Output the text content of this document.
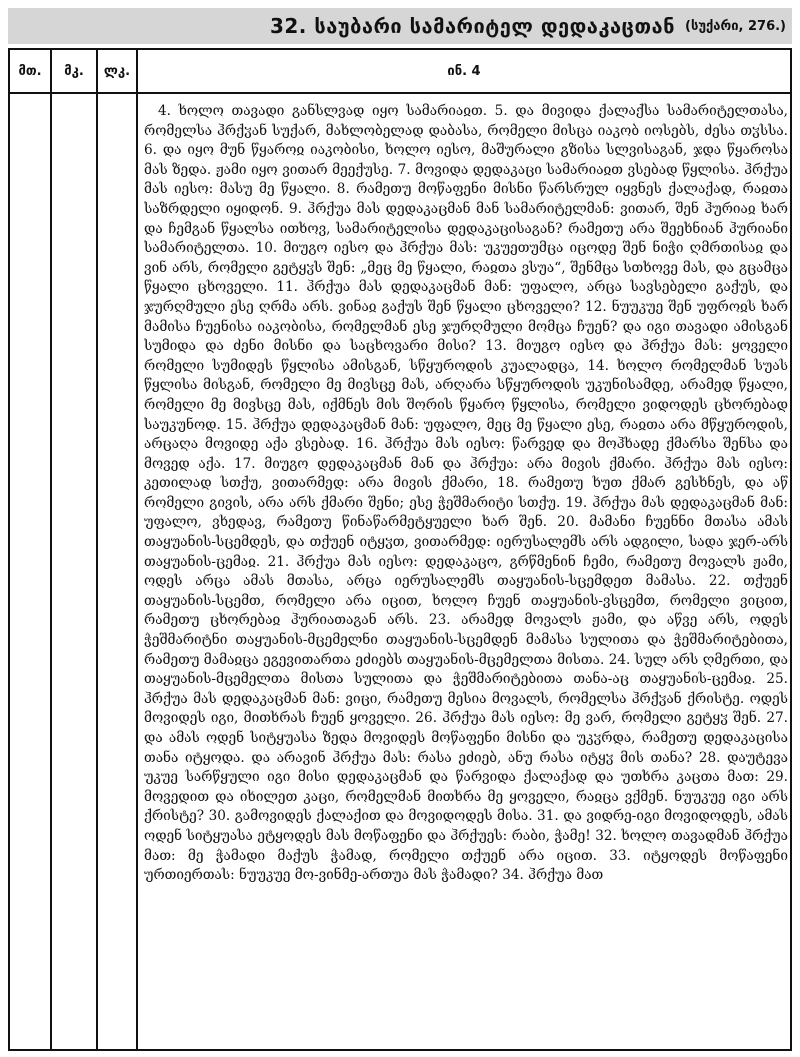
32. საუბარი სამარიტელ დედაკაცთან (სუქარი, 276.)
მთ.	მკ.	ლკ.	ინ. 4

4. ხოლო თავადი განსლვად იყო სამარიაჲთ. 5. და მივიდა ქალაქსა სამარიტელთასა, რომელსა ჰრქჳან სუქარ, მახლობელად დაბასა, რომელი მისცა იაკობ იოსებს, ძესა თჳსსა. 6. და იყო მუნ წყაროჲ იაკობისი, ხოლო იესო, მაშურალი გზისა სლვისაგან, ჯდა წყაროსა მას ზედა. ჟამი იყო ვითარ მეექუსე. 7. მოვიდა დედაკაცი სამარიაჲთ ვსებად წყლისა. ჰრქუა მას იესო: მასუ მე წყალი. 8. რამეთუ მოწაფენი მისნი წარსრულ იყვნეს ქალაქად, რაჲთა საზრდელი იყიდონ. 9. ჰრქუა მას დედაკაცმან მან სამარიტელმან: ვითარ, შენ ჰურიაჲ ხარ და ჩემგან წყალსა ითხოვ, სამარიტელისა დედაკაცისაგან? რამეთუ არა შეეხნიან ჰურიანი სამარიტელთა. 10. მიუგო იესო და ჰრქუა მას: უკუეთუმცა იცოდე შენ ნიჭი ღმრთისაჲ და ვინ არს, რომელი გეტყჳს შენ: „მეც მე წყალი, რაჲთა ვსუა“, შენმცა სთხოვე მას, და გცამცა წყალი ცხოველი. 11. ჰრქუა მას დედაკაცმან მან: უფალო, არცა სავსებელი გაქუს, და ჯურღმული ესე ღრმა არს. ვინაჲ გაქუს შენ წყალი ცხოველი? 12. ნუუკუე შენ უფროჲს ხარ მამისა ჩუენისა იაკობისა, რომელმან ესე ჯურღმული მომცა ჩუენ? და იგი თავადი ამისგან სუმიდა და ძენი მისნი და საცხოვარი მისი? 13. მიუგო იესო და ჰრქუა მას: ყოველი რომელი სუმიდეს წყლისა ამისგან, სწყუროდის კუალადცა, 14. ხოლო რომელმან სუას წყლისა მისგან, რომელი მე მივსცე მას, არღარა სწყუროდის უკუნისამდე, არამედ წყალი, რომელი მე მივსცე მას, იქმნეს მის შორის წყარო წყლისა, რომელი ვიდოდეს ცხორებად საუკუნოდ. 15. ჰრქუა დედაკაცმან მან: უფალო, მეც მე წყალი ესე, რაჲთა არა მწყუროდის, არცაღა მოვიდე აქა ვსებად. 16. ჰრქუა მას იესო: წარვედ და მოჰხადე ქმარსა შენსა და მოვედ აქა. 17. მიუგო დედაკაცმან მან და ჰრქუა: არა მივის ქმარი. ჰრქუა მას იესო: კეთილად სთქუ, ვითარმედ: არა მივის ქმარი, 18. რამეთუ ხუთ ქმარ გესხნეს, და აწ რომელი გივის, არა არს ქმარი შენი; ესე ჭეშმარიტი სთქუ. 19. ჰრქუა მას დედაკაცმან მან: უფალო, ვხედავ, რამეთუ წინაწარმეტყუელი ხარ შენ. 20. მამანი ჩუენნი მთასა ამას თაყუანის-სცემდეს, და თქუენ იტყჳთ, ვითარმედ: იერუსალემს არს ადგილი, სადა ჯერ-არს თაყუანის-ცემაჲ. 21. ჰრქუა მას იესო: დედაკაცო, გრწმენინ ჩემი, რამეთუ მოვალს ჟამი, ოდეს არცა ამას მთასა, არცა იერუსალემს თაყუანის-სცემდეთ მამასა. 22. თქუენ თაყუანის-სცემთ, რომელი არა იცით, ხოლო ჩუენ თაყუანის-ვსცემთ, რომელი ვიცით, რამეთუ ცხორებაჲ ჰურიათაგან არს. 23. არამედ მოვალს ჟამი, და აწვე არს, ოდეს ჭეშმარიტნი თაყუანის-მცემელნი თაყუანის-სცემდენ მამასა სულითა და ჭეშმარიტებითა, რამეთუ მამაჲცა ეგევითართა ეძიებს თაყუანის-მცემელთა მისთა. 24. სულ არს ღმერთი, და თაყუანის-მცემელთა მისთა სულითა და ჭეშმარიტებითა თანა-აც თაყუანის-ცემაჲ. 25. ჰრქუა მას დედაკაცმან მან: ვიცი, რამეთუ მესია მოვალს, რომელსა ჰრქჳან ქრისტე. ოდეს მოვიდეს იგი, მითხრას ჩუენ ყოველი. 26. ჰრქუა მას იესო: მე ვარ, რომელი გეტყჳ შენ. 27. და ამას ოდენ სიტყუასა ზედა მოვიდეს მოწაფენი მისნი და უკჳრდა, რამეთუ დედაკაცისა თანა იტყოდა. და არავინ ჰრქუა მას: რასა ეძიებ, ანუ რასა იტყჳ მის თანა? 28. დაუტევა უკუე სარწყული იგი მისი დედაკაცმან და წარვიდა ქალაქად და უთხრა კაცთა მათ: 29. მოვედით და იხილეთ კაცი, რომელმან მითხრა მე ყოველი, რაჲცა ვქმენ. ნუუკუე იგი არს ქრისტე? 30. გამოვიდეს ქალაქით და მოვიდოდეს მისა. 31. და ვიდრე-იგი მოვიდოდეს, ამას ოდენ სიტყუასა ეტყოდეს მას მოწაფენი და ჰრქუეს: რაბი, ჭამე! 32. ხოლო თავადმან ჰრქუა მათ: მე ჭამადი მაქუს ჭამად, რომელი თქუენ არა იცით. 33. იტყოდეს მოწაფენი ურთიერთას: ნუუკუე მო-ვინმე-ართუა მას ჭამადი? 34. ჰრქუა მათ
